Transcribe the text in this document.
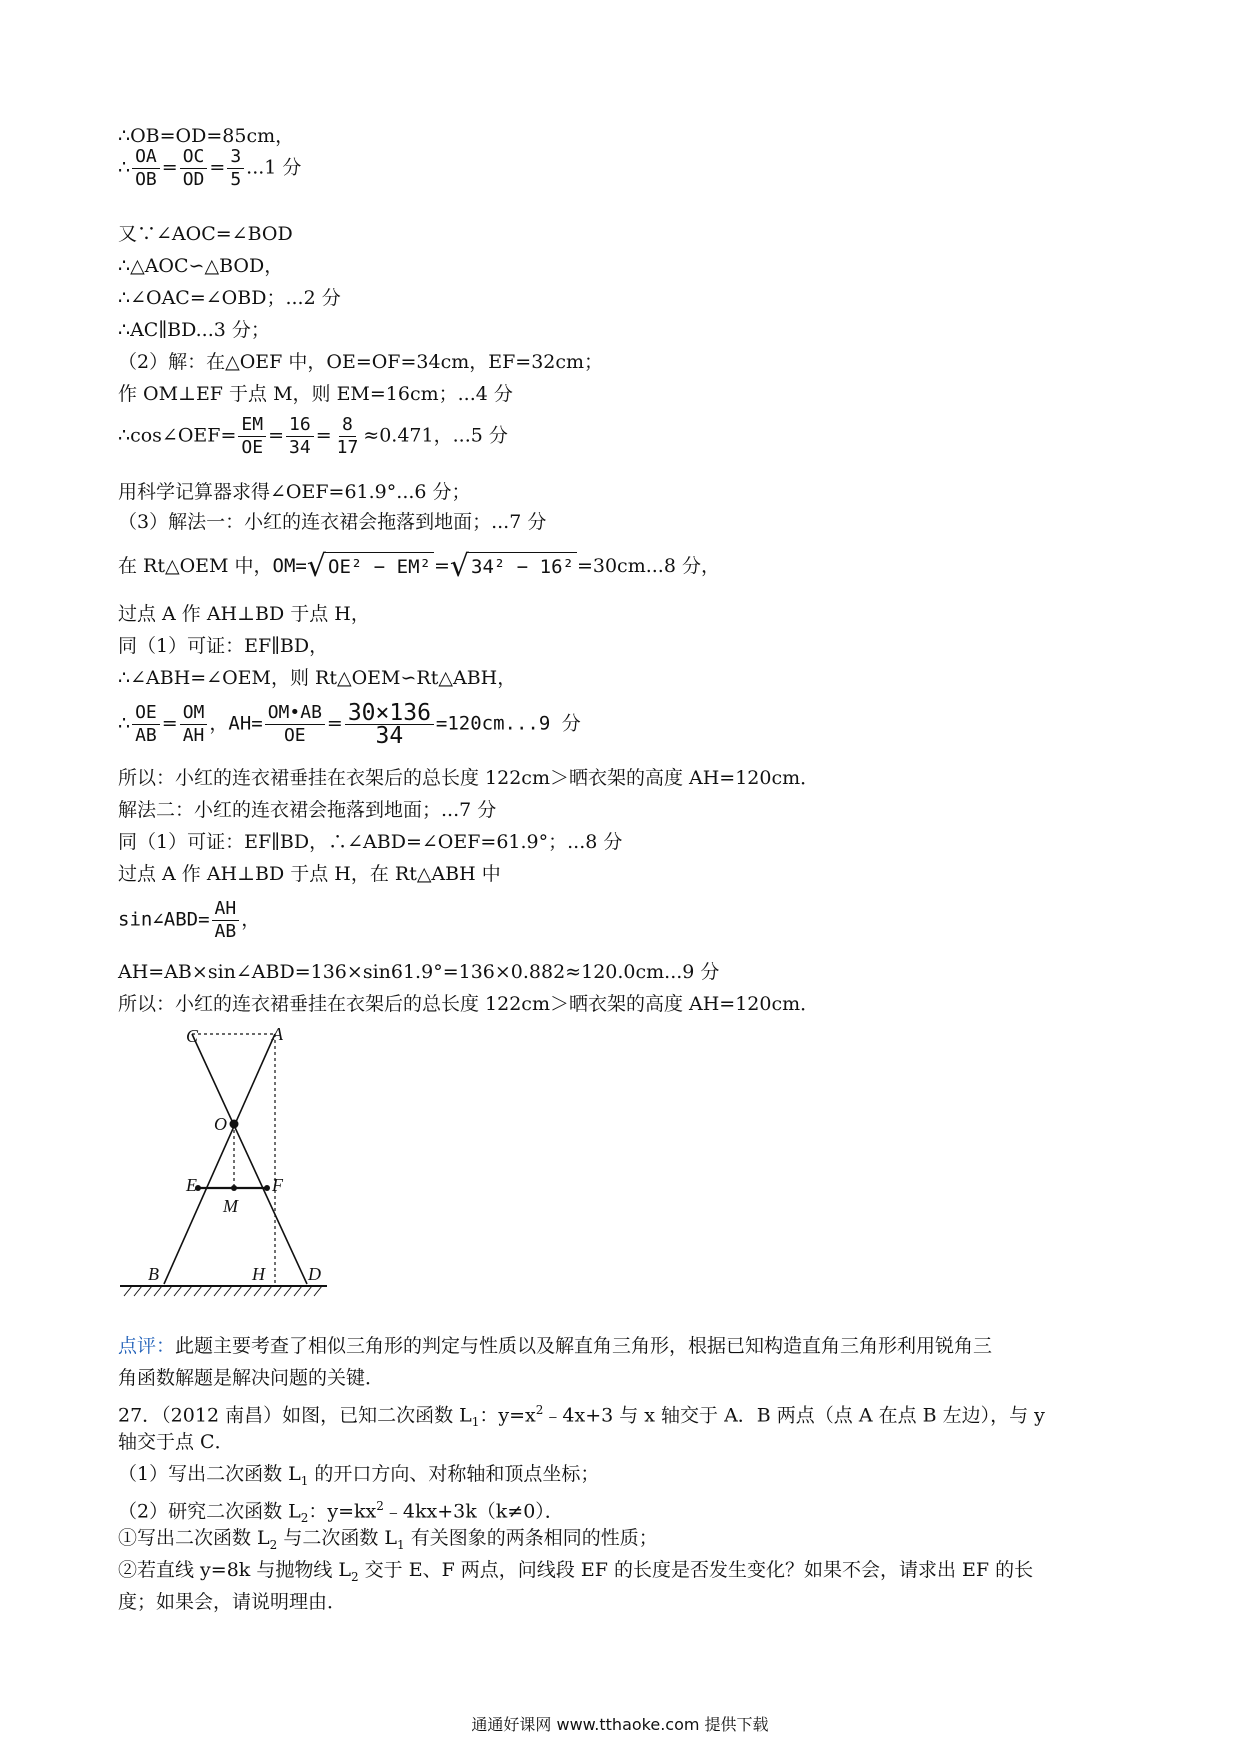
∴OB=OD=85cm，
∴ $\frac{OA}{OB} = \frac{OC}{OD} = \frac{3}{5} ...1$ 分
又∵∠AOC=∠BOD
∴△AOC∽△BOD，
∴∠OAC=∠OBD；...2 分
∴AC∥BD...3 分；
（2）解：在△OEF 中，OE=OF=34cm，EF=32cm；
作 OM⊥EF 于点 M，则 EM=16cm；...4 分
∴cos∠OEF= $\frac{EM}{OE} = \frac{16}{34} = \frac{8}{17} \approx 0.471$，...5 分
用科学记算器求得∠OEF=61.9°...6 分；
（3）解法一：小红的连衣裙会拖落到地面；...7 分
在 Rt△OEM 中，OM= √ OE² − EM² = √ 34² − 16² =30cm...8 分，
过点 A 作 AH⊥BD 于点 H，
同（1）可证：EF∥BD，
∴∠ABH=∠OEM，则 Rt△OEM∽Rt△ABH，
∴ $\frac{OE}{AB} = \frac{OM}{AH}$ ，$AH= \frac{OM•AB}{OE} = \frac{30\times 136}{34} =120cm...9$ 分
所以：小红的连衣裙垂挂在衣架后的总长度 122cm＞晒衣架的高度 AH=120cm．
解法二：小红的连衣裙会拖落到地面；...7 分
同（1）可证：EF∥BD，∴∠ABD=∠OEF=61.9°；...8 分
过点 A 作 AH⊥BD 于点 H，在 Rt△ABH 中
sin∠ABD= $\frac{AH}{AB}$ ，
AH=AB×sin∠ABD=136×sin61.9°=136×0.882≈120.0cm...9 分
所以：小红的连衣裙垂挂在衣架后的总长度 122cm＞晒衣架的高度 AH=120cm．
C	A
O
E	F
M
B	H D
点评：此题主要考查了相似三角形的判定与性质以及解直角三角形，根据已知构造直角三角形利用锐角三
角函数解题是解决问题的关键．
27．（2012 南昌）如图，已知二次函数 $L_1$：$y=x^2﹣4x+3$ 与 x 轴交于 A．B 两点（点 A 在点 B 左边），与 y
轴交于点 C．
（1）写出二次函数 $L_1$ 的开口方向、对称轴和顶点坐标；
（2）研究二次函数 $L_2$：$y=kx^2﹣4kx+3k(k\ne 0)$．
①写出二次函数 $L_2$ 与二次函数 $L_1$ 有关图象的两条相同的性质；
②若直线 y=8k 与抛物线 $L_2$ 交于 E、F 两点，问线段 EF 的长度是否发生变化？如果不会，请求出 EF 的长
度；如果会，请说明理由．
通通好课网 www.tthaoke.com 提供下载
